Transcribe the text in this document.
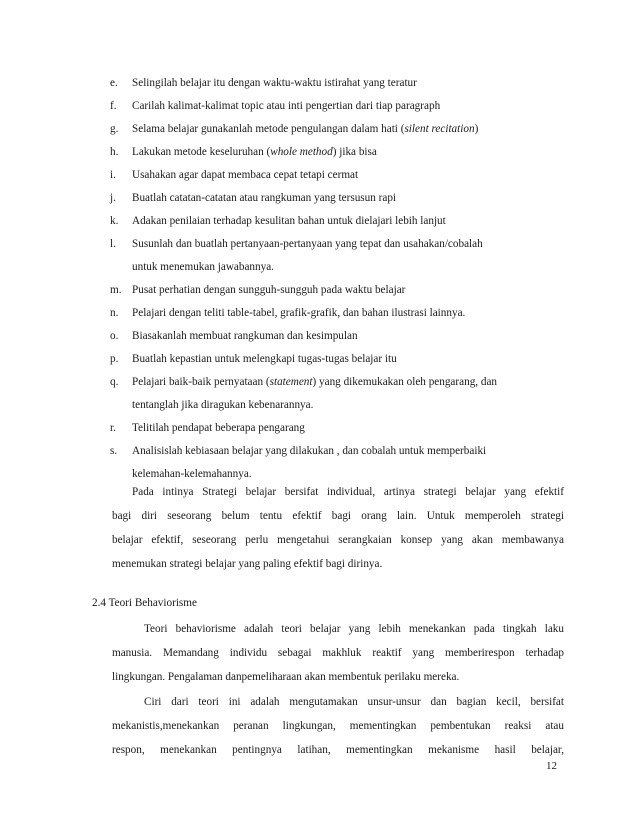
e.	Selingilah belajar itu dengan waktu-waktu istirahat yang teratur
f.	Carilah kalimat-kalimat topic atau inti pengertian dari tiap paragraph
g.	Selama belajar gunakanlah metode pengulangan dalam hati (silent recitation)
h.	Lakukan metode keseluruhan (whole method) jika bisa
i.	Usahakan agar dapat membaca cepat tetapi cermat
j.	Buatlah catatan-catatan atau rangkuman yang tersusun rapi
k.	Adakan penilaian terhadap kesulitan bahan untuk dielajari lebih lanjut
l.	Susunlah dan buatlah pertanyaan-pertanyaan yang tepat dan usahakan/cobalah
untuk menemukan jawabannya.
m. Pusat perhatian dengan sungguh-sungguh pada waktu belajar
n.	Pelajari dengan teliti table-tabel, grafik-grafik, dan bahan ilustrasi lainnya.
o.	Biasakanlah membuat rangkuman dan kesimpulan
p.	Buatlah kepastian untuk melengkapi tugas-tugas belajar itu
q.	Pelajari baik-baik pernyataan (statement) yang dikemukakan oleh pengarang, dan
tentanglah jika diragukan kebenarannya.
r.	Telitilah pendapat beberapa pengarang
s.	Analisislah kebiasaan belajar yang dilakukan , dan cobalah untuk memperbaiki
kelemahan-kelemahannya.
Pada intinya Strategi belajar bersifat individual, artinya strategi belajar yang efektif
bagi diri seseorang belum tentu efektif bagi orang lain. Untuk memperoleh strategi
belajar efektif, seseorang perlu mengetahui serangkaian konsep yang akan membawanya
menemukan strategi belajar yang paling efektif bagi dirinya.
2.4 Teori Behaviorisme
Teori behaviorisme adalah teori belajar yang lebih menekankan pada tingkah laku
manusia. Memandang individu sebagai makhluk reaktif yang memberirespon terhadap
lingkungan. Pengalaman danpemeliharaan akan membentuk perilaku mereka.
Ciri dari teori ini adalah mengutamakan unsur-unsur dan bagian kecil, bersifat
mekanistis,menekankan peranan lingkungan, mementingkan pembentukan reaksi atau
respon, menekankan pentingnya latihan, mementingkan mekanisme hasil belajar,
12
